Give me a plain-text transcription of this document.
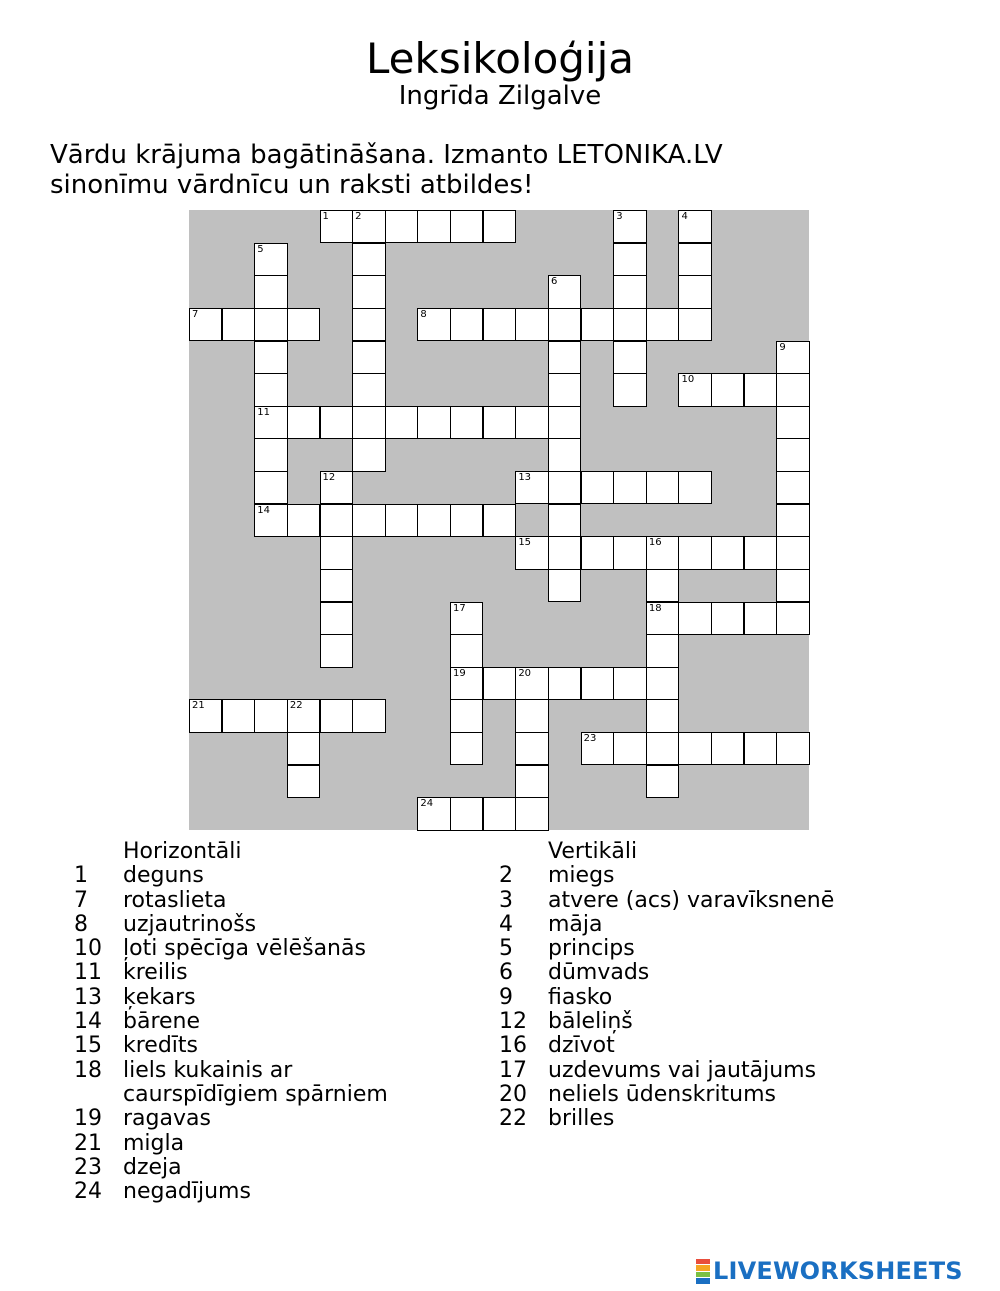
Leksikoloģija
Ingrīda Zilgalve
Vārdu krājuma bagātināšana. Izmanto LETONIKA.LV
sinonīmu vārdnīcu un raksti atbildes!
1	2
7	8
10
11
13
14
15	16
18
19	20
21	22
23
24
3	4
5
6
9
12
17
Horizontāli
1	deguns
7	rotaslieta
8	uzjautrinošs
10 ļoti spēcīga vēlēšanās
11 kreilis
13 ķekars
14 bārene
15 kredīts
18 liels kukainis ar caurspīdīgiem spārniem
19 ragavas
21 migla
23 dzeja
24 negadījums
Vertikāli
2	miegs
3	atvere (acs) varavīksnenē
4	māja
5	princips
6	dūmvads
9	fiasko
12 bāleliņš
16 dzīvot
17 uzdevums vai jautājums
20 neliels ūdenskritums
22 brilles
LIVEWORKSHEETS
